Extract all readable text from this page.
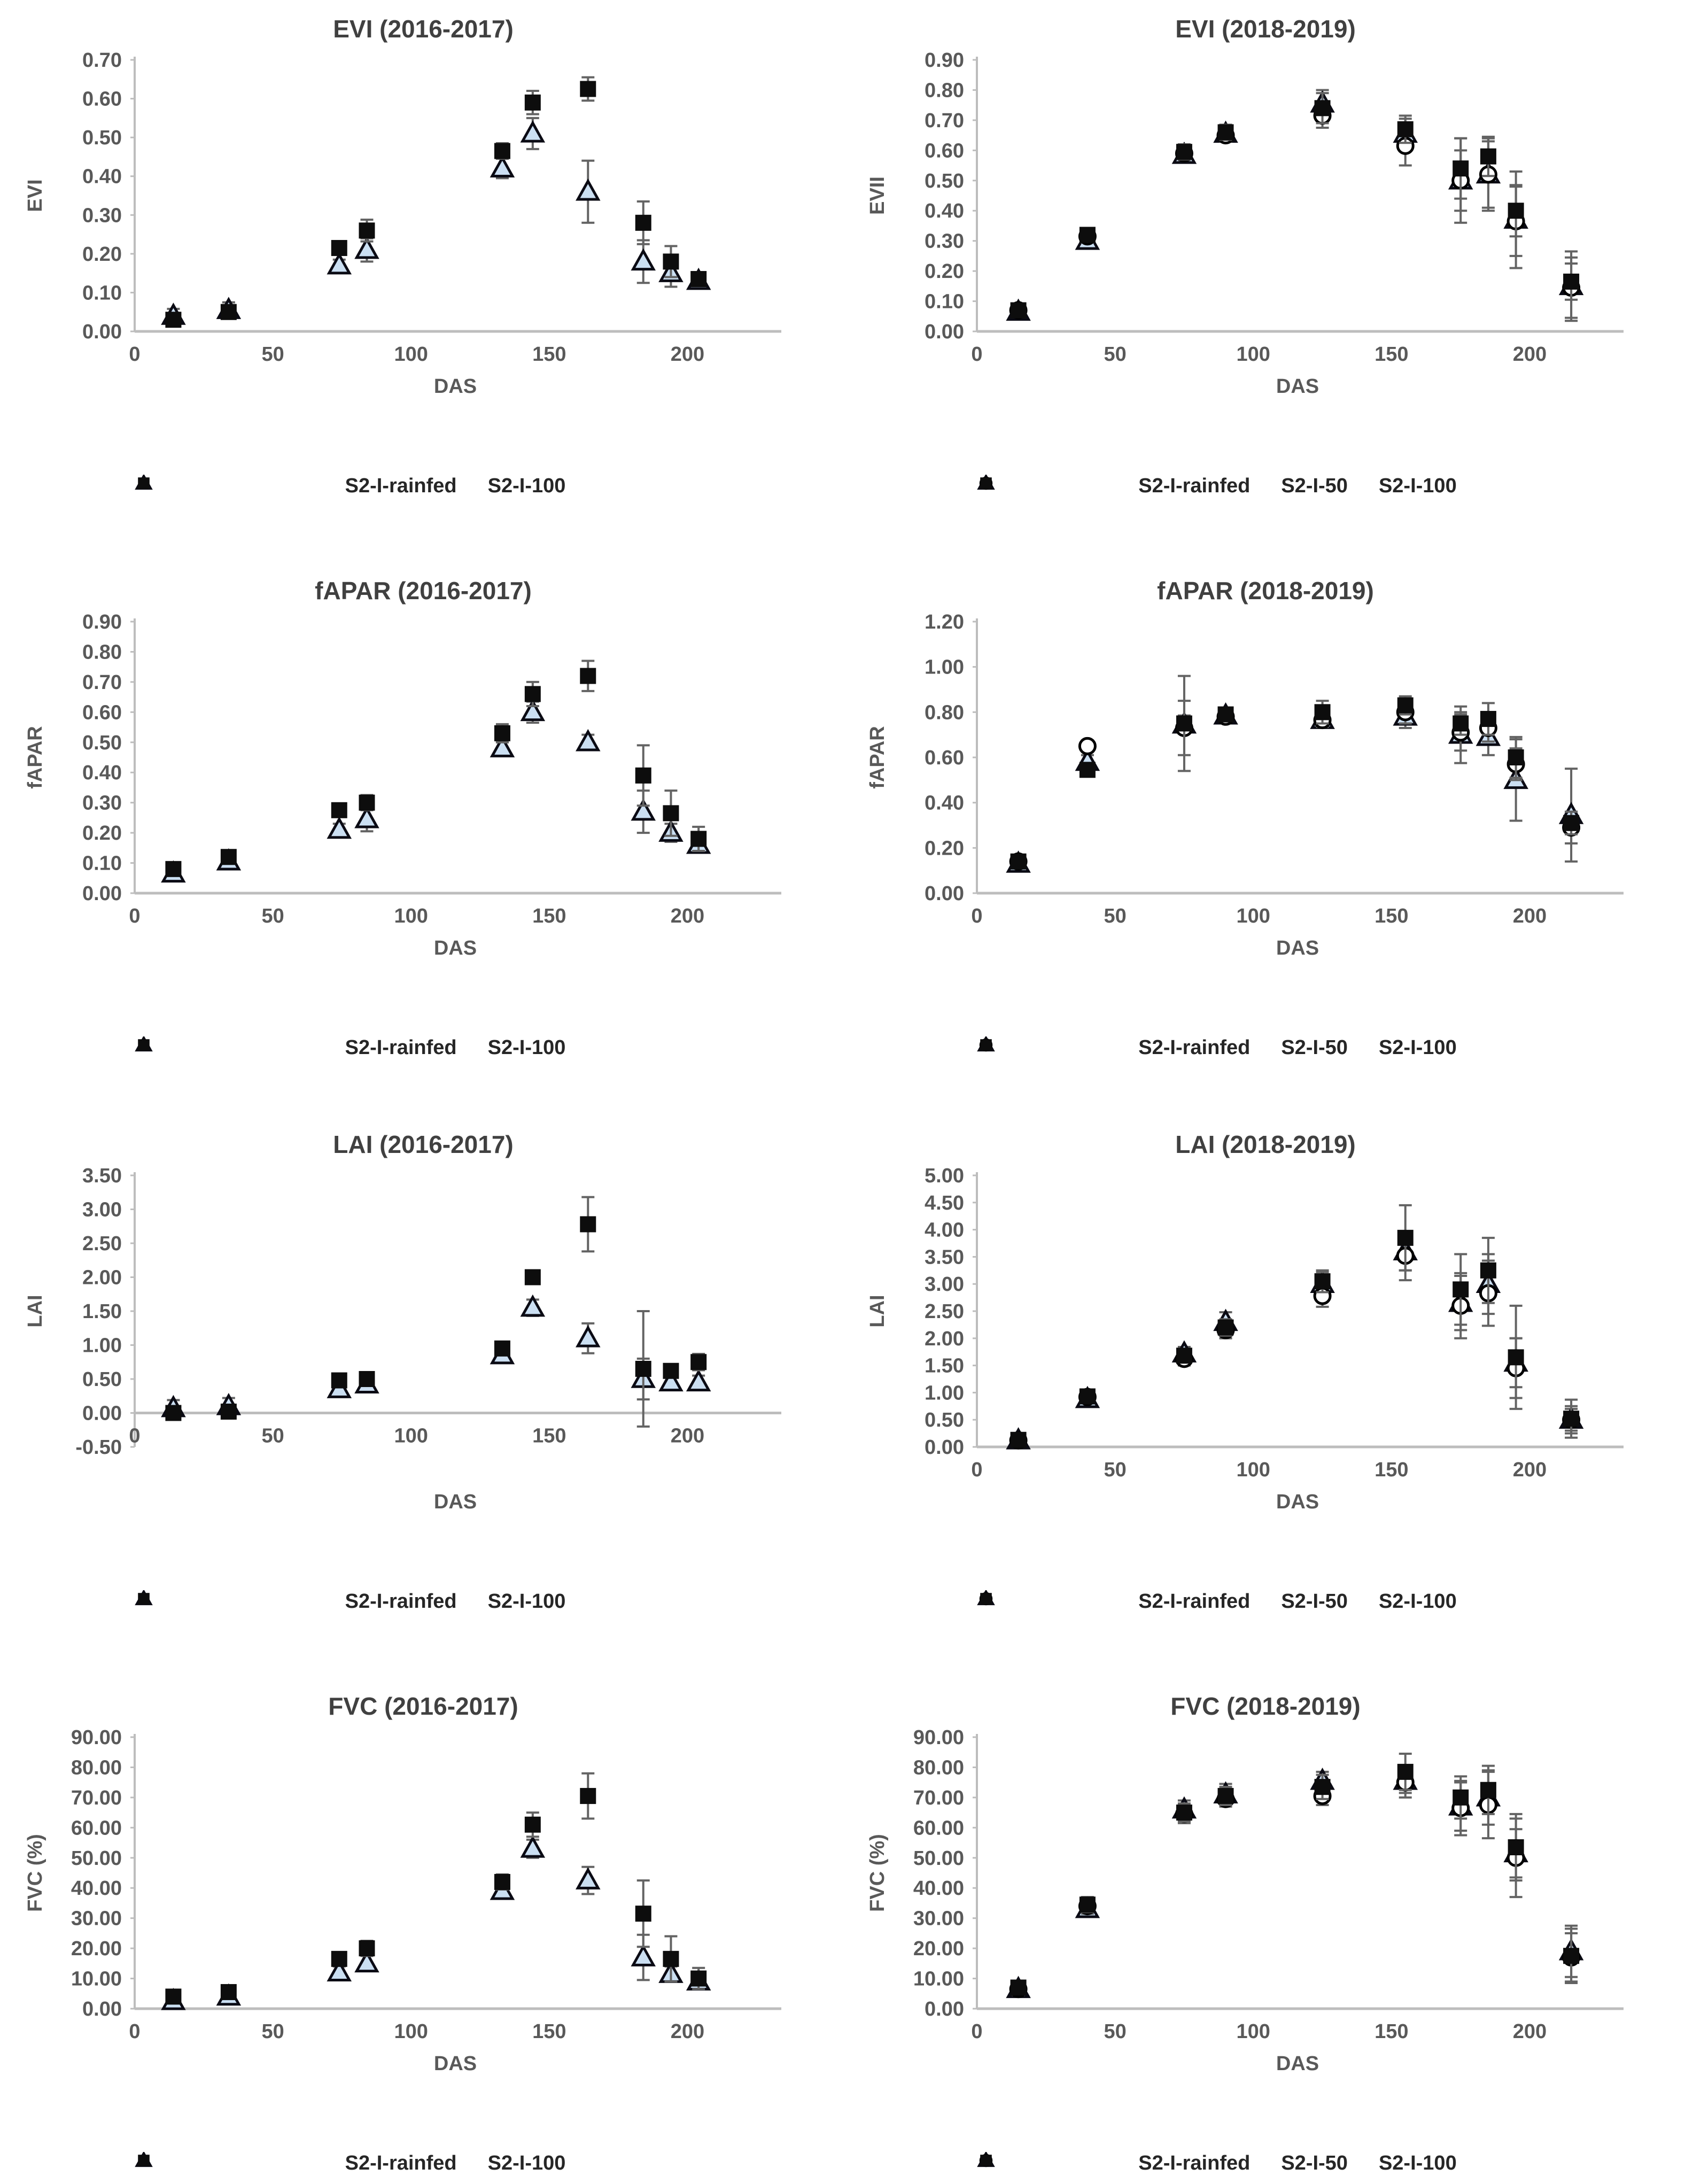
EVI (2016-2017)
EVI
0.00
0.10
0.20
0.30
0.40
0.50
0.60
0.70
0	50	100	150	200
DAS
S2-I-rainfed S2-I-100
EVI (2018-2019)
EVII
0.00
0.10
0.20
0.30
0.40
0.50
0.60
0.70
0.80
0.90
0	50	100	150	200
DAS
S2-I-rainfed S2-I-50 S2-I-100
fAPAR (2016-2017)
fAPAR
0.00
0.10
0.20
0.30
0.40
0.50
0.60
0.70
0.80
0.90
0	50	100	150	200
DAS
S2-I-rainfed S2-I-100
fAPAR (2018-2019)
fAPAR
0.00
0.20
0.40
0.60
0.80
1.00
1.20
0	50	100	150	200
DAS
S2-I-rainfed S2-I-50 S2-I-100
LAI (2016-2017)
LAI
-0.50
0.00
0.50
1.00
1.50
2.00
2.50
3.00
3.50
0	50	100	150	200
DAS
S2-I-rainfed S2-I-100
LAI (2018-2019)
LAI
0.00
0.50
1.00
1.50
2.00
2.50
3.00
3.50
4.00
4.50
5.00
0	50	100	150	200
DAS
S2-I-rainfed S2-I-50 S2-I-100
FVC (2016-2017)
FVC (%)
0.00
10.00
20.00
30.00
40.00
50.00
60.00
70.00
80.00
90.00
0	50	100	150	200
DAS
S2-I-rainfed S2-I-100
FVC (2018-2019)
FVC (%)
0.00
10.00
20.00
30.00
40.00
50.00
60.00
70.00
80.00
90.00
0	50	100	150	200
DAS
S2-I-rainfed S2-I-50 S2-I-100
